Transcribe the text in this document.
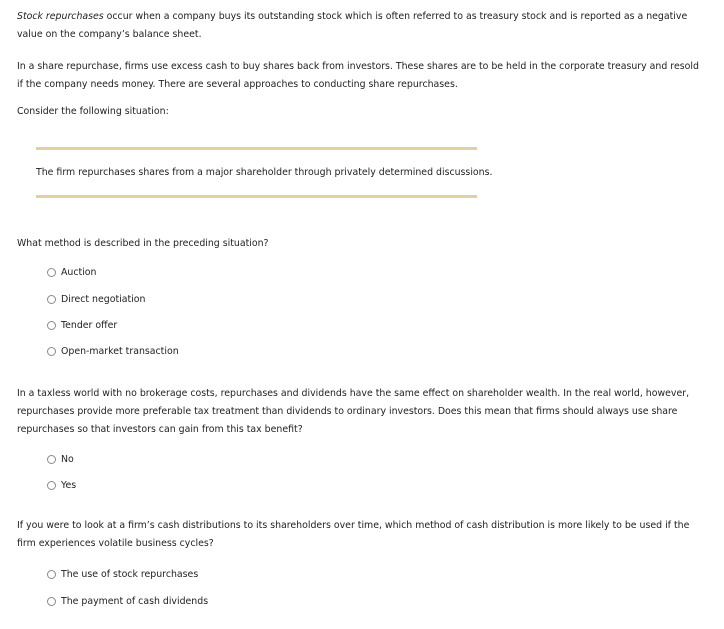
Stock repurchases occur when a company buys its outstanding stock which is often referred to as treasury stock and is reported as a negative value on the company’s balance sheet.

In a share repurchase, firms use excess cash to buy shares back from investors. These shares are to be held in the corporate treasury and resold if the company needs money. There are several approaches to conducting share repurchases.

Consider the following situation:

The firm repurchases shares from a major shareholder through privately determined discussions.

What method is described in the preceding situation?

Auction
Direct negotiation
Tender offer
Open-market transaction

In a taxless world with no brokerage costs, repurchases and dividends have the same effect on shareholder wealth. In the real world, however, repurchases provide more preferable tax treatment than dividends to ordinary investors. Does this mean that firms should always use share repurchases so that investors can gain from this tax benefit?

No
Yes

If you were to look at a firm’s cash distributions to its shareholders over time, which method of cash distribution is more likely to be used if the firm experiences volatile business cycles?

The use of stock repurchases
The payment of cash dividends
